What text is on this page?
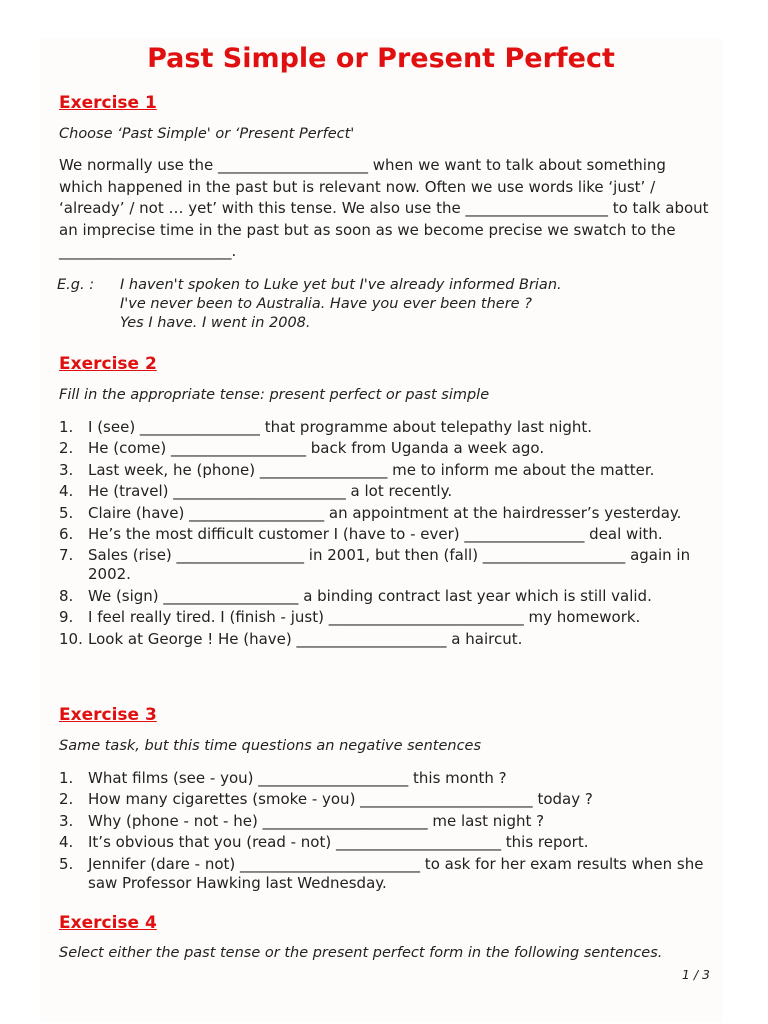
Past Simple or Present Perfect
Exercise 1
Choose ‘Past Simple' or ‘Present Perfect'
We normally use the ____________________ when we want to talk about something which happened in the past but is relevant now. Often we use words like ‘just’ / ‘already’ / not … yet’ with this tense. We also use the ___________________ to talk about an imprecise time in the past but as soon as we become precise we swatch to the _______________________.
E.g. : I haven't spoken to Luke yet but I've already informed Brian.
I've never been to Australia. Have you ever been there ?
Yes I have. I went in 2008.
Exercise 2
Fill in the appropriate tense: present perfect or past simple
1. I (see) ________________ that programme about telepathy last night.
2. He (come) __________________ back from Uganda a week ago.
3. Last week, he (phone) _________________ me to inform me about the matter.
4. He (travel) _______________________ a lot recently.
5. Claire (have) __________________ an appointment at the hairdresser’s yesterday.
6. He’s the most difficult customer I (have to - ever) ________________ deal with.
7. Sales (rise) _________________ in 2001, but then (fall) ___________________ again in 2002.
8. We (sign) __________________ a binding contract last year which is still valid.
9. I feel really tired. I (finish - just) __________________________ my homework.
10. Look at George ! He (have) ____________________ a haircut.
Exercise 3
Same task, but this time questions an negative sentences
1. What films (see - you) ____________________ this month ?
2. How many cigarettes (smoke - you) _______________________ today ?
3. Why (phone - not - he) ______________________ me last night ?
4. It’s obvious that you (read - not) ______________________ this report.
5. Jennifer (dare - not) ________________________ to ask for her exam results when she saw Professor Hawking last Wednesday.
Exercise 4
Select either the past tense or the present perfect form in the following sentences.
1 / 3
